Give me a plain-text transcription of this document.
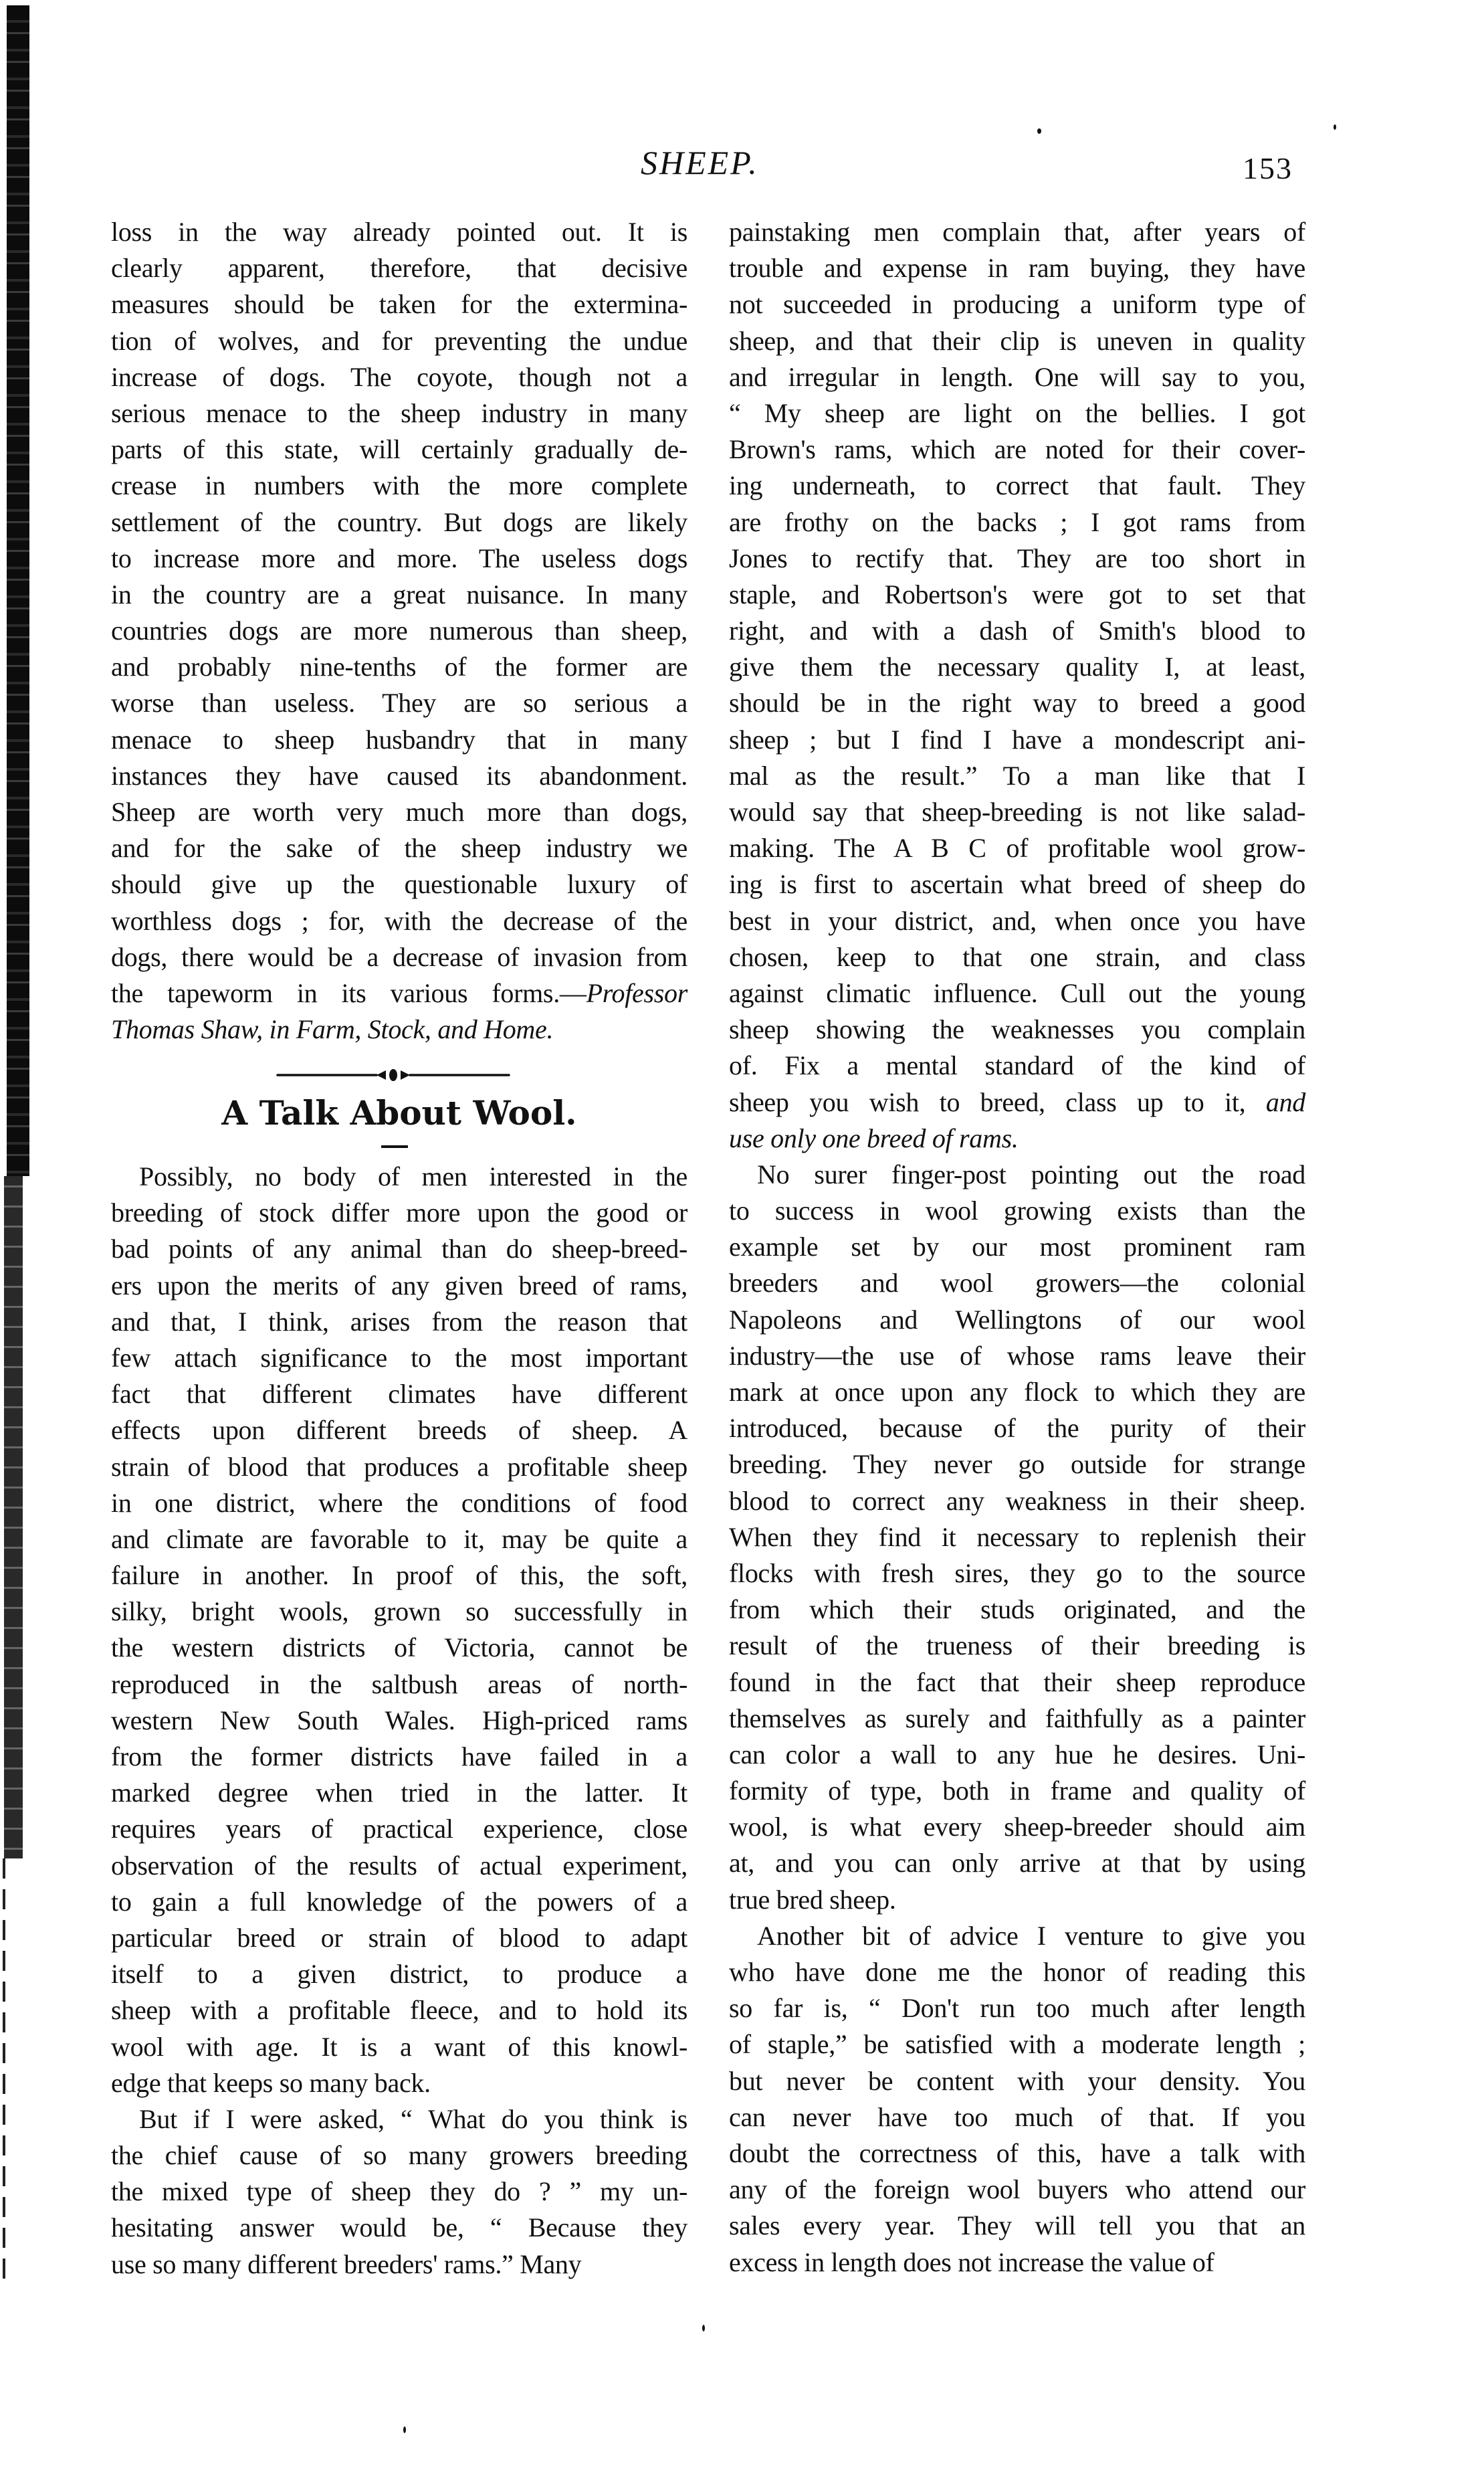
SHEEP.	153
loss in the way already pointed out. It is
clearly apparent, therefore, that decisive
measures should be taken for the extermina-
tion of wolves, and for preventing the undue
increase of dogs. The coyote, though not a
serious menace to the sheep industry in many
parts of this state, will certainly gradually de-
crease in numbers with the more complete
settlement of the country. But dogs are likely
to increase more and more. The useless dogs
in the country are a great nuisance. In many
countries dogs are more numerous than sheep,
and probably nine-tenths of the former are
worse than useless. They are so serious a
menace to sheep husbandry that in many
instances they have caused its abandonment.
Sheep are worth very much more than dogs,
and for the sake of the sheep industry we
should give up the questionable luxury of
worthless dogs ; for, with the decrease of the
dogs, there would be a decrease of invasion from
the tapeworm in its various forms.—Professor
Thomas Shaw, in Farm, Stock, and Home.
A Talk About Wool.
Possibly, no body of men interested in the
breeding of stock differ more upon the good or
bad points of any animal than do sheep-breed-
ers upon the merits of any given breed of rams,
and that, I think, arises from the reason that
few attach significance to the most important
fact that different climates have different
effects upon different breeds of sheep. A
strain of blood that produces a profitable sheep
in one district, where the conditions of food
and climate are favorable to it, may be quite a
failure in another. In proof of this, the soft,
silky, bright wools, grown so successfully in
the western districts of Victoria, cannot be
reproduced in the saltbush areas of north-
western New South Wales. High-priced rams
from the former districts have failed in a
marked degree when tried in the latter. It
requires years of practical experience, close
observation of the results of actual experiment,
to gain a full knowledge of the powers of a
particular breed or strain of blood to adapt
itself to a given district, to produce a
sheep with a profitable fleece, and to hold its
wool with age. It is a want of this knowl-
edge that keeps so many back.
But if I were asked, “ What do you think is
the chief cause of so many growers breeding
the mixed type of sheep they do ? ” my un-
hesitating answer would be, “ Because they
use so many different breeders' rams.” Many
painstaking men complain that, after years of
trouble and expense in ram buying, they have
not succeeded in producing a uniform type of
sheep, and that their clip is uneven in quality
and irregular in length. One will say to you,
“ My sheep are light on the bellies. I got
Brown's rams, which are noted for their cover-
ing underneath, to correct that fault. They
are frothy on the backs ; I got rams from
Jones to rectify that. They are too short in
staple, and Robertson's were got to set that
right, and with a dash of Smith's blood to
give them the necessary quality I, at least,
should be in the right way to breed a good
sheep ; but I find I have a mondescript ani-
mal as the result.” To a man like that I
would say that sheep-breeding is not like salad-
making. The A B C of profitable wool grow-
ing is first to ascertain what breed of sheep do
best in your district, and, when once you have
chosen, keep to that one strain, and class
against climatic influence. Cull out the young
sheep showing the weaknesses you complain
of. Fix a mental standard of the kind of
sheep you wish to breed, class up to it, and
use only one breed of rams.
No surer finger-post pointing out the road
to success in wool growing exists than the
example set by our most prominent ram
breeders and wool growers—the colonial
Napoleons and Wellingtons of our wool
industry—the use of whose rams leave their
mark at once upon any flock to which they are
introduced, because of the purity of their
breeding. They never go outside for strange
blood to correct any weakness in their sheep.
When they find it necessary to replenish their
flocks with fresh sires, they go to the source
from which their studs originated, and the
result of the trueness of their breeding is
found in the fact that their sheep reproduce
themselves as surely and faithfully as a painter
can color a wall to any hue he desires. Uni-
formity of type, both in frame and quality of
wool, is what every sheep-breeder should aim
at, and you can only arrive at that by using
true bred sheep.
Another bit of advice I venture to give you
who have done me the honor of reading this
so far is, “ Don't run too much after length
of staple,” be satisfied with a moderate length ;
but never be content with your density. You
can never have too much of that. If you
doubt the correctness of this, have a talk with
any of the foreign wool buyers who attend our
sales every year. They will tell you that an
excess in length does not increase the value of
